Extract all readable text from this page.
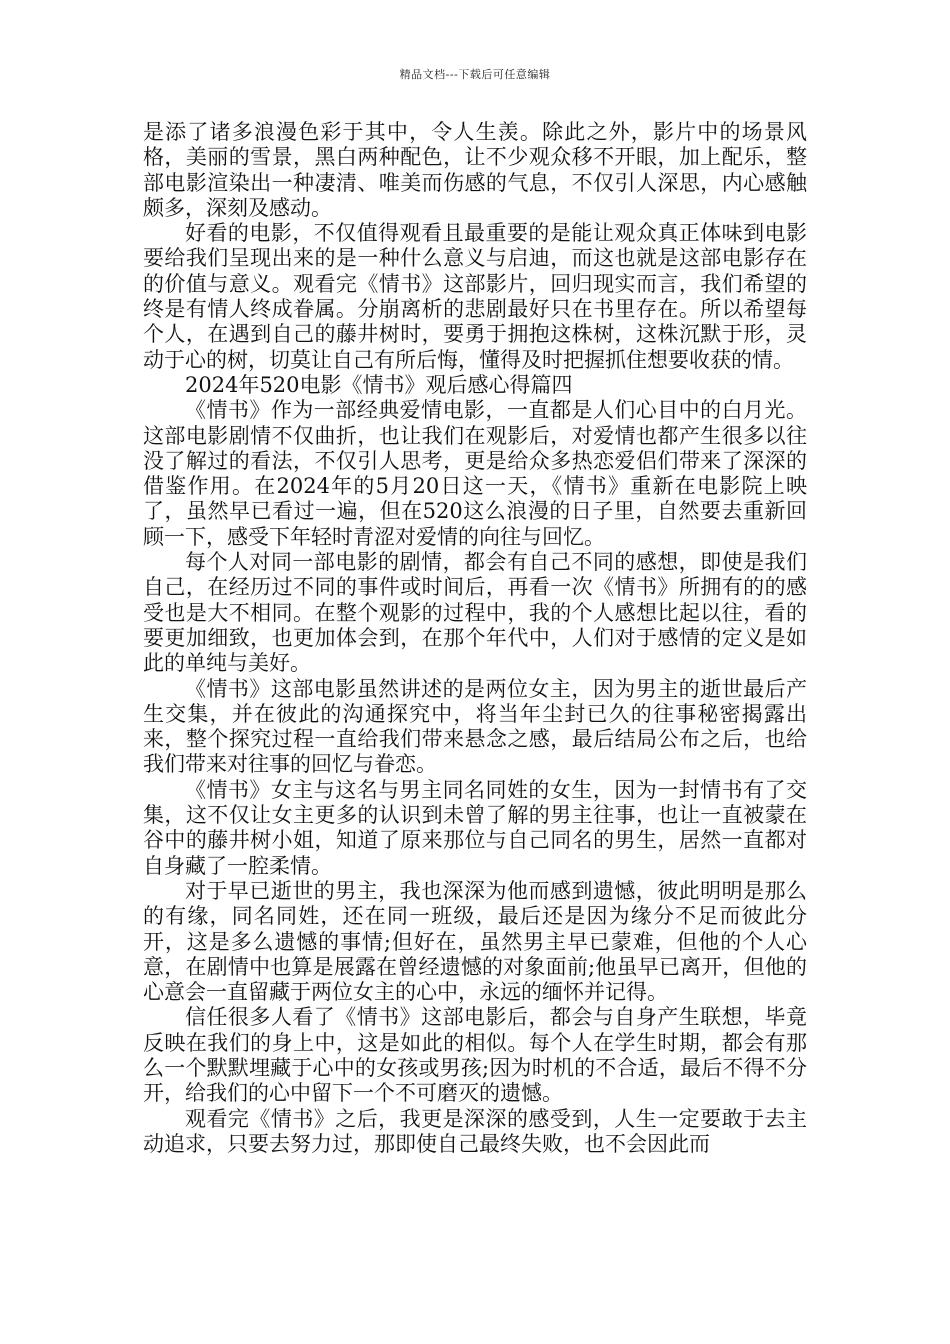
精品文档---下载后可任意编辑

是添了诸多浪漫色彩于其中，令人生羡。除此之外，影片中的场景风格，美丽的雪景，黑白两种配色，让不少观众移不开眼，加上配乐，整部电影渲染出一种凄清、唯美而伤感的气息，不仅引人深思，内心感触颇多，深刻及感动。

好看的电影，不仅值得观看且最重要的是能让观众真正体味到电影要给我们呈现出来的是一种什么意义与启迪，而这也就是这部电影存在的价值与意义。观看完《情书》这部影片，回归现实而言，我们希望的终是有情人终成眷属。分崩离析的悲剧最好只在书里存在。所以希望每个人，在遇到自己的藤井树时，要勇于拥抱这株树，这株沉默于形，灵动于心的树，切莫让自己有所后悔，懂得及时把握抓住想要收获的情。

2024年520电影《情书》观后感心得篇四

《情书》作为一部经典爱情电影，一直都是人们心目中的白月光。这部电影剧情不仅曲折，也让我们在观影后，对爱情也都产生很多以往没了解过的看法，不仅引人思考，更是给众多热恋爱侣们带来了深深的借鉴作用。在2024年的5月20日这一天，《情书》重新在电影院上映了，虽然早已看过一遍，但在520这么浪漫的日子里，自然要去重新回顾一下，感受下年轻时青涩对爱情的向往与回忆。

每个人对同一部电影的剧情，都会有自己不同的感想，即使是我们自己，在经历过不同的事件或时间后，再看一次《情书》所拥有的的感受也是大不相同。在整个观影的过程中，我的个人感想比起以往，看的要更加细致，也更加体会到，在那个年代中，人们对于感情的定义是如此的单纯与美好。

《情书》这部电影虽然讲述的是两位女主，因为男主的逝世最后产生交集，并在彼此的沟通探究中，将当年尘封已久的往事秘密揭露出来，整个探究过程一直给我们带来悬念之感，最后结局公布之后，也给我们带来对往事的回忆与眷恋。

《情书》女主与这名与男主同名同姓的女生，因为一封情书有了交集，这不仅让女主更多的认识到未曾了解的男主往事，也让一直被蒙在谷中的藤井树小姐，知道了原来那位与自己同名的男生，居然一直都对自身藏了一腔柔情。

对于早已逝世的男主，我也深深为他而感到遗憾，彼此明明是那么的有缘，同名同姓，还在同一班级，最后还是因为缘分不足而彼此分开，这是多么遗憾的事情;但好在，虽然男主早已蒙难，但他的个人心意，在剧情中也算是展露在曾经遗憾的对象面前;他虽早已离开，但他的心意会一直留藏于两位女主的心中，永远的缅怀并记得。

信任很多人看了《情书》这部电影后，都会与自身产生联想，毕竟反映在我们的身上中，这是如此的相似。每个人在学生时期，都会有那么一个默默埋藏于心中的女孩或男孩;因为时机的不合适，最后不得不分开，给我们的心中留下一个不可磨灭的遗憾。

观看完《情书》之后，我更是深深的感受到，人生一定要敢于去主动追求，只要去努力过，那即使自己最终失败，也不会因此而
